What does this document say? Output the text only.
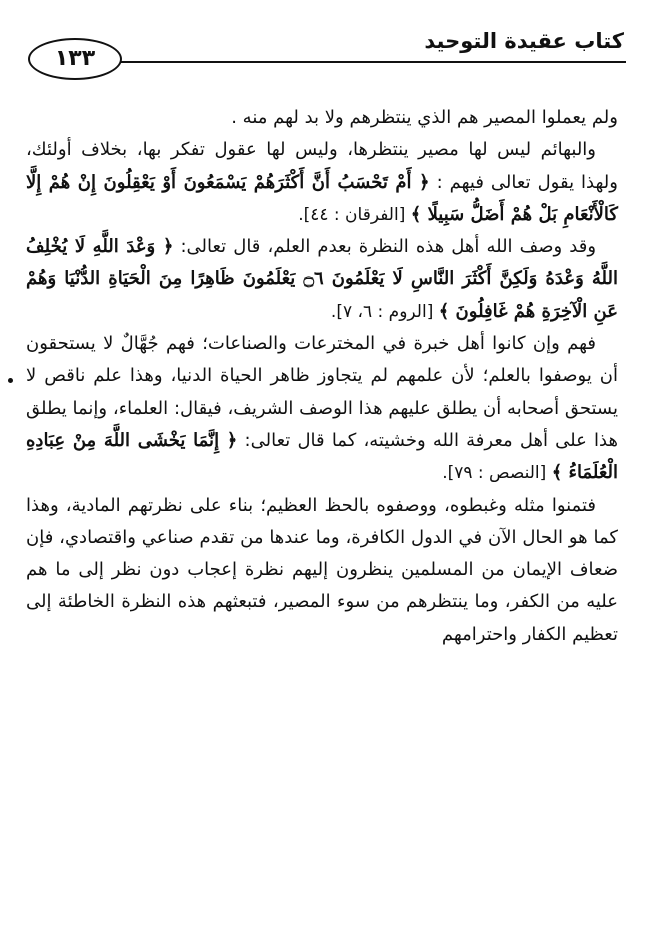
كتاب عقيدة التوحيد
١٣٣

ولم يعملوا المصير هم الذي ينتظرهم ولا بد لهم منه .

والبهائم ليس لها مصير ينتظرها، وليس لها عقول تفكر بها، بخلاف أولئك، ولهذا يقول تعالى فيهم : ﴿ أَمْ تَحْسَبُ أَنَّ أَكْثَرَهُمْ يَسْمَعُونَ أَوْ يَعْقِلُونَ إِنْ هُمْ إِلَّا كَالْأَنْعَامِ بَلْ هُمْ أَضَلُّ سَبِيلًا ﴾ [الفرقان : ٤٤].

وقد وصف الله أهل هذه النظرة بعدم العلم، قال تعالى: ﴿ وَعْدَ اللَّهِ لَا يُخْلِفُ اللَّهُ وَعْدَهُ وَلَكِنَّ أَكْثَرَ النَّاسِ لَا يَعْلَمُونَ ۝٦ يَعْلَمُونَ ظَاهِرًا مِنَ الْحَيَاةِ الدُّنْيَا وَهُمْ عَنِ الْآخِرَةِ هُمْ غَافِلُونَ ﴾ [الروم : ٦، ٧].

فهم وإن كانوا أهل خبرة في المخترعات والصناعات؛ فهم جُهَّالٌ لا يستحقون أن يوصفوا بالعلم؛ لأن علمهم لم يتجاوز ظاهر الحياة الدنيا، وهذا علم ناقص لا يستحق أصحابه أن يطلق عليهم هذا الوصف الشريف، فيقال: العلماء، وإنما يطلق هذا على أهل معرفة الله وخشيته، كما قال تعالى: ﴿ إِنَّمَا يَخْشَى اللَّهَ مِنْ عِبَادِهِ الْعُلَمَاءُ ﴾ [النصص : ٧٩].

فتمنوا مثله وغبطوه، ووصفوه بالحظ العظيم؛ بناء على نظرتهم المادية، وهذا كما هو الحال الآن في الدول الكافرة، وما عندها من تقدم صناعي واقتصادي، فإن ضعاف الإيمان من المسلمين ينظرون إليهم نظرة إعجاب دون نظر إلى ما هم عليه من الكفر، وما ينتظرهم من سوء المصير، فتبعثهم هذه النظرة الخاطئة إلى تعظيم الكفار واحترامهم
